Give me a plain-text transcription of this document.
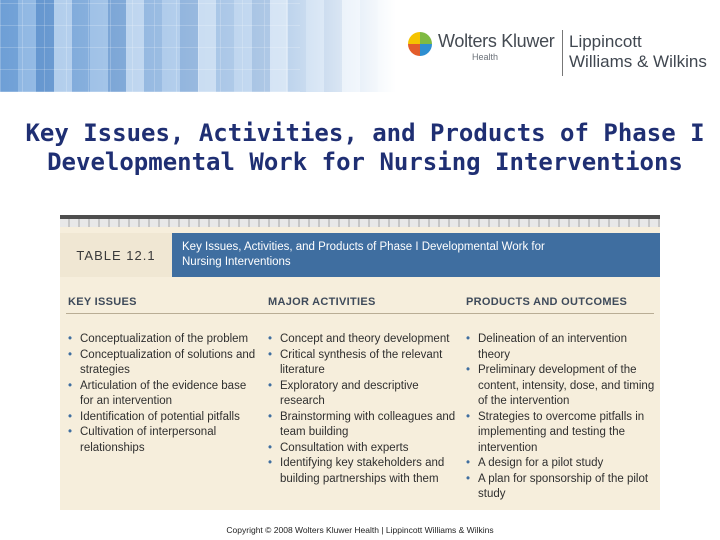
Wolters Kluwer
Health
Lippincott
Williams & Wilkins
Key Issues, Activities, and Products of Phase I Developmental Work for Nursing Interventions
TABLE 12.1
Key Issues, Activities, and Products of Phase I Developmental Work for Nursing Interventions
KEY ISSUES	MAJOR ACTIVITIES	PRODUCTS AND OUTCOMES
• Conceptualization of the problem
• Conceptualization of solutions and strategies
• Articulation of the evidence base for an intervention
• Identification of potential pitfalls
• Cultivation of interpersonal relationships
• Concept and theory development
• Critical synthesis of the relevant literature
• Exploratory and descriptive research
• Brainstorming with colleagues and team building
• Consultation with experts
• Identifying key stakeholders and building partnerships with them
• Delineation of an intervention theory
• Preliminary development of the content, intensity, dose, and timing of the intervention
• Strategies to overcome pitfalls in implementing and testing the intervention
• A design for a pilot study
• A plan for sponsorship of the pilot study
Copyright © 2008 Wolters Kluwer Health | Lippincott Williams & Wilkins
